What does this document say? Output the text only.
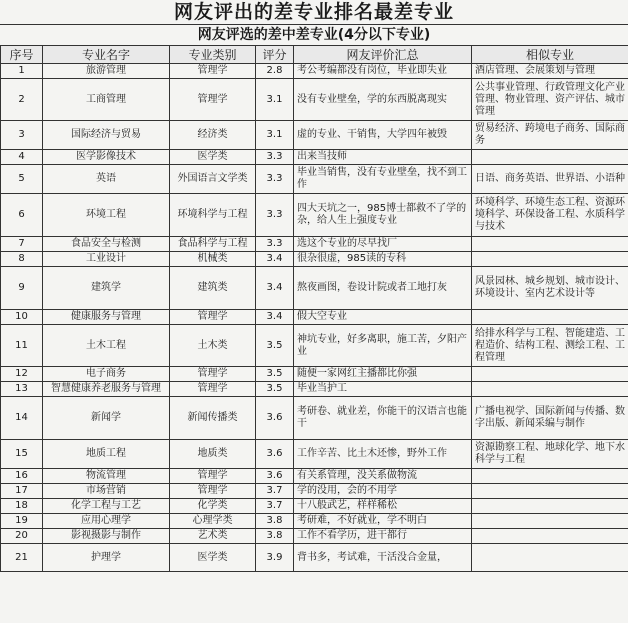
网友评出的差专业排名最差专业
网友评选的差中差专业(4分以下专业)
序号	专业名字	专业类别	评分	网友评价汇总	相似专业
1	旅游管理	管理学	2.8	考公考编都没有岗位，毕业即失业	酒店管理、会展策划与管理
2	工商管理	管理学	3.1	没有专业壁垒，学的东西脱离现实	公共事业管理、行政管理文化产业管理、物业管理、资产评估、城市管理
3	国际经济与贸易	经济类	3.1	虚的专业、干销售，大学四年被毁	贸易经济、跨境电子商务、国际商务
4	医学影像技术	医学类	3.3	出来当技师	
5	英语	外国语言文学类	3.3	毕业当销售，没有专业壁垒，找不到工作	日语、商务英语、世界语、小语种
6	环境工程	环境科学与工程	3.3	四大天坑之一，985博士都救不了学的杂，给人生上强度专业	环境科学、环境生态工程、资源环境科学、环保设备工程、水质科学与技术
7	食品安全与检测	食品科学与工程	3.3	选这个专业的尽早找厂	
8	工业设计	机械类	3.4	很杂很虚，985读的专科	
9	建筑学	建筑类	3.4	熬夜画图，卷设计院或者工地打灰	风景园林、城乡规划、城市设计、环境设计、室内艺术设计等
10	健康服务与管理	管理学	3.4	假大空专业	
11	土木工程	土木类	3.5	神坑专业，好多离职，施工苦，夕阳产业	给排水科学与工程、智能建造、工程造价、结构工程、测绘工程、工程管理
12	电子商务	管理学	3.5	随便一家网红主播都比你强	
13	智慧健康养老服务与管理	管理学	3.5	毕业当护工	
14	新闻学	新闻传播类	3.6	考研卷、就业差，你能干的汉语言也能干	广播电视学、国际新闻与传播、数字出版、新闻采编与制作
15	地质工程	地质类	3.6	工作辛苦、比土木还惨，野外工作	资源勘察工程、地球化学、地下水科学与工程
16	物流管理	管理学	3.6	有关系管理，没关系做物流	
17	市场营销	管理学	3.7	学的没用，会的不用学	
18	化学工程与工艺	化学类	3.7	十八般武艺，样样稀松	
19	应用心理学	心理学类	3.8	考研难，不好就业，学不明白	
20	影视摄影与制作	艺术类	3.8	工作不看学历，进干都行	
21	护理学	医学类	3.9	背书多，考试难，干活没合金量，	
